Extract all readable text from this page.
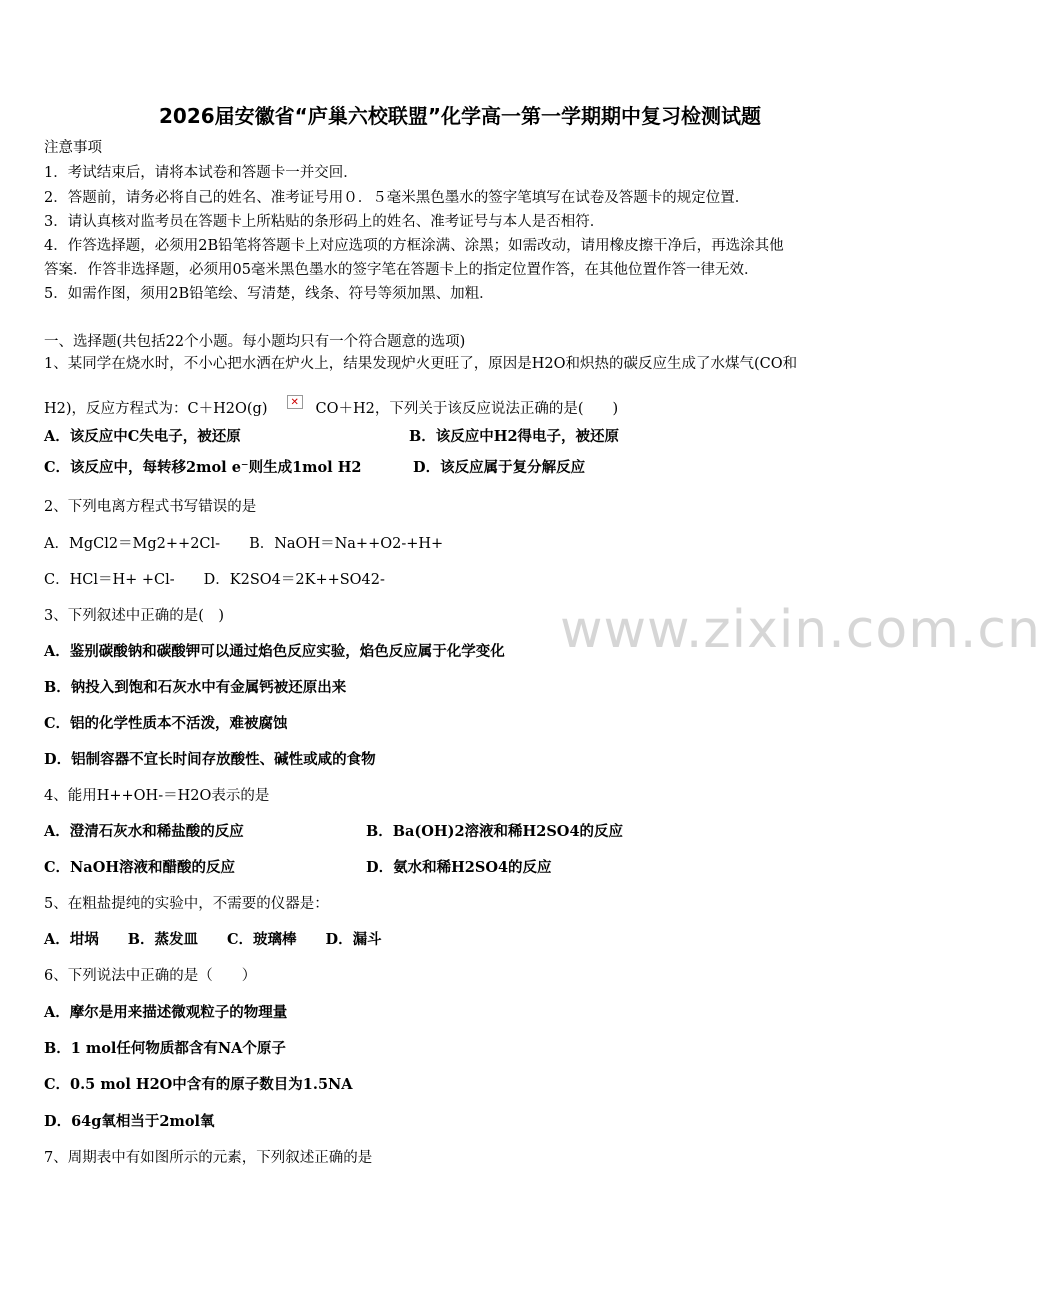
2026届安徽省“庐巢六校联盟”化学高一第一学期期中复习检测试题
注意事项
1．考试结束后，请将本试卷和答题卡一并交回．
2．答题前，请务必将自己的姓名、准考证号用０．５毫米黑色墨水的签字笔填写在试卷及答题卡的规定位置．
3．请认真核对监考员在答题卡上所粘贴的条形码上的姓名、准考证号与本人是否相符．
4．作答选择题，必须用2B铅笔将答题卡上对应选项的方框涂满、涂黑；如需改动，请用橡皮擦干净后，再选涂其他
答案．作答非选择题，必须用05毫米黑色墨水的签字笔在答题卡上的指定位置作答，在其他位置作答一律无效．
5．如需作图，须用2B铅笔绘、写清楚，线条、符号等须加黑、加粗．
一、选择题(共包括22个小题。每小题均只有一个符合题意的选项)
1、某同学在烧水时，不小心把水洒在炉火上，结果发现炉火更旺了，原因是H2O和炽热的碳反应生成了水煤气(CO和
H2)，反应方程式为：C＋H2O(g) ✕ CO＋H2，下列关于该反应说法正确的是(　　)
A．该反应中C失电子，被还原	B．该反应中H2得电子，被还原
C．该反应中，每转移2mol e⁻则生成1mol H2	D．该反应属于复分解反应
2、下列电离方程式书写错误的是
A．MgCl2＝Mg2++2Cl-　　B．NaOH＝Na++O2-+H+
C．HCl＝H+ +Cl-　　D．K2SO4＝2K++SO42-
www.zixin.com.cn
3、下列叙述中正确的是(　)
A．鉴别碳酸钠和碳酸钾可以通过焰色反应实验，焰色反应属于化学变化
B．钠投入到饱和石灰水中有金属钙被还原出来
C．铝的化学性质本不活泼，难被腐蚀
D．铝制容器不宜长时间存放酸性、碱性或咸的食物
4、能用H++OH-＝H2O表示的是
A．澄清石灰水和稀盐酸的反应	B．Ba(OH)2溶液和稀H2SO4的反应
C．NaOH溶液和醋酸的反应	D．氨水和稀H2SO4的反应
5、在粗盐提纯的实验中，不需要的仪器是：
A．坩埚　　B．蒸发皿　　C．玻璃棒　　D．漏斗
6、下列说法中正确的是（　　）
A．摩尔是用来描述微观粒子的物理量
B．1 mol任何物质都含有NA个原子
C．0.5 mol H2O中含有的原子数目为1.5NA
D．64g氧相当于2mol氧
7、周期表中有如图所示的元素，下列叙述正确的是
